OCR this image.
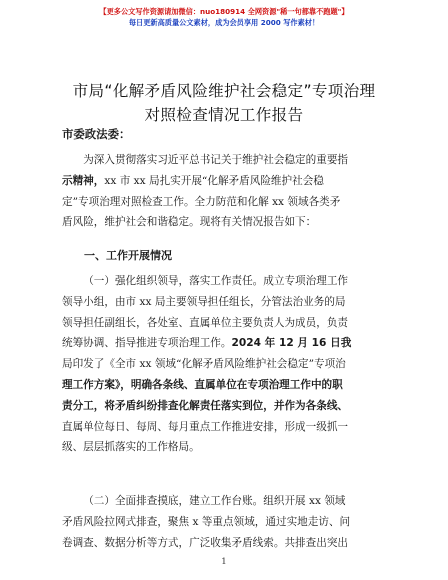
【更多公文写作资源请加微信：nuo180914 全网资源"稀一句都靠不跑题"】
每日更新高质量公文素材，成为会员享用 2000 写作素材！
市局“化解矛盾风险维护社会稳定”专项治理
对照检查情况工作报告
市委政法委：
为深入贯彻落实习近平总书记关于维护社会稳定的重要指
示精神，xx 市 xx 局扎实开展“化解矛盾风险维护社会稳
定”专项治理对照检查工作。全力防范和化解 xx 领域各类矛
盾风险，维护社会和谐稳定。现将有关情况报告如下：
一、工作开展情况
（一）强化组织领导，落实工作责任。成立专项治理工作
领导小组，由市 xx 局主要领导担任组长，分管法治业务的局
领导担任副组长，各处室、直属单位主要负责人为成员，负责
统筹协调、指导推进专项治理工作。2024 年 12 月 16 日我
局印发了《全市 xx 领域“化解矛盾风险维护社会稳定”专项治
理工作方案》，明确各条线、直属单位在专项治理工作中的职
责分工，将矛盾纠纷排查化解责任落实到位，并作为各条线、
直属单位每日、每周、每月重点工作推进安排，形成一级抓一
级、层层抓落实的工作格局。
（二）全面排查摸底，建立工作台账。组织开展 xx 领域
矛盾风险拉网式排查，聚焦 x 等重点领域，通过实地走访、问
卷调查、数据分析等方式，广泛收集矛盾线索。共排查出突出
1
